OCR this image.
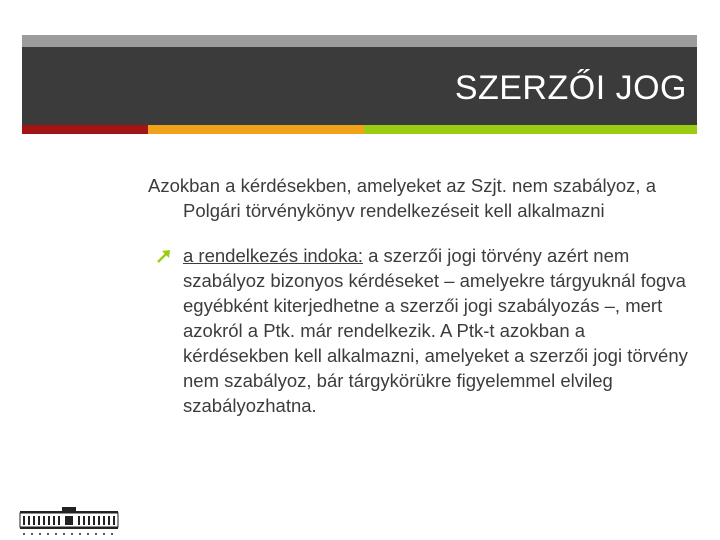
SZERZŐI JOG

Azokban a kérdésekben, amelyeket az Szjt. nem szabályoz, a Polgári törvénykönyv rendelkezéseit kell alkalmazni

a rendelkezés indoka: a szerzői jogi törvény azért nem szabályoz bizonyos kérdéseket – amelyekre tárgyuknál fogva egyébként kiterjedhetne a szerzői jogi szabályozás –, mert azokról a Ptk. már rendelkezik. A Ptk-t azokban a kérdésekben kell alkalmazni, amelyeket a szerzői jogi törvény nem szabályoz, bár tárgykörükre figyelemmel elvileg szabályozhatna.
